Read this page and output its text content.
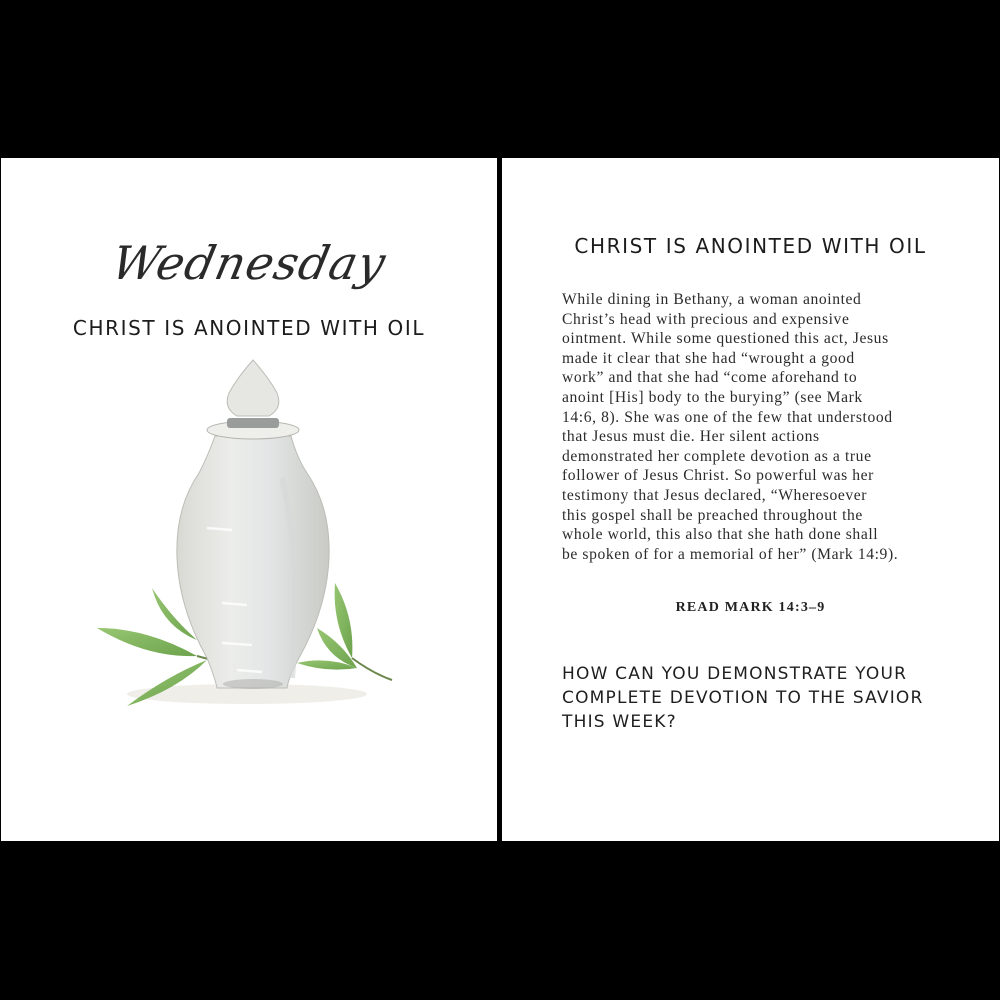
Wednesday
CHRIST IS ANOINTED WITH OIL
CHRIST IS ANOINTED WITH OIL

While dining in Bethany, a woman anointed
Christ’s head with precious and expensive
ointment. While some questioned this act, Jesus
made it clear that she had “wrought a good
work” and that she had “come aforehand to
anoint [His] body to the burying” (see Mark
14:6, 8). She was one of the few that understood
that Jesus must die. Her silent actions
demonstrated her complete devotion as a true
follower of Jesus Christ. So powerful was her
testimony that Jesus declared, “Wheresoever
this gospel shall be preached throughout the
whole world, this also that she hath done shall
be spoken of for a memorial of her” (Mark 14:9).

READ MARK 14:3–9
HOW CAN YOU DEMONSTRATE YOUR
COMPLETE DEVOTION TO THE SAVIOR
THIS WEEK?
